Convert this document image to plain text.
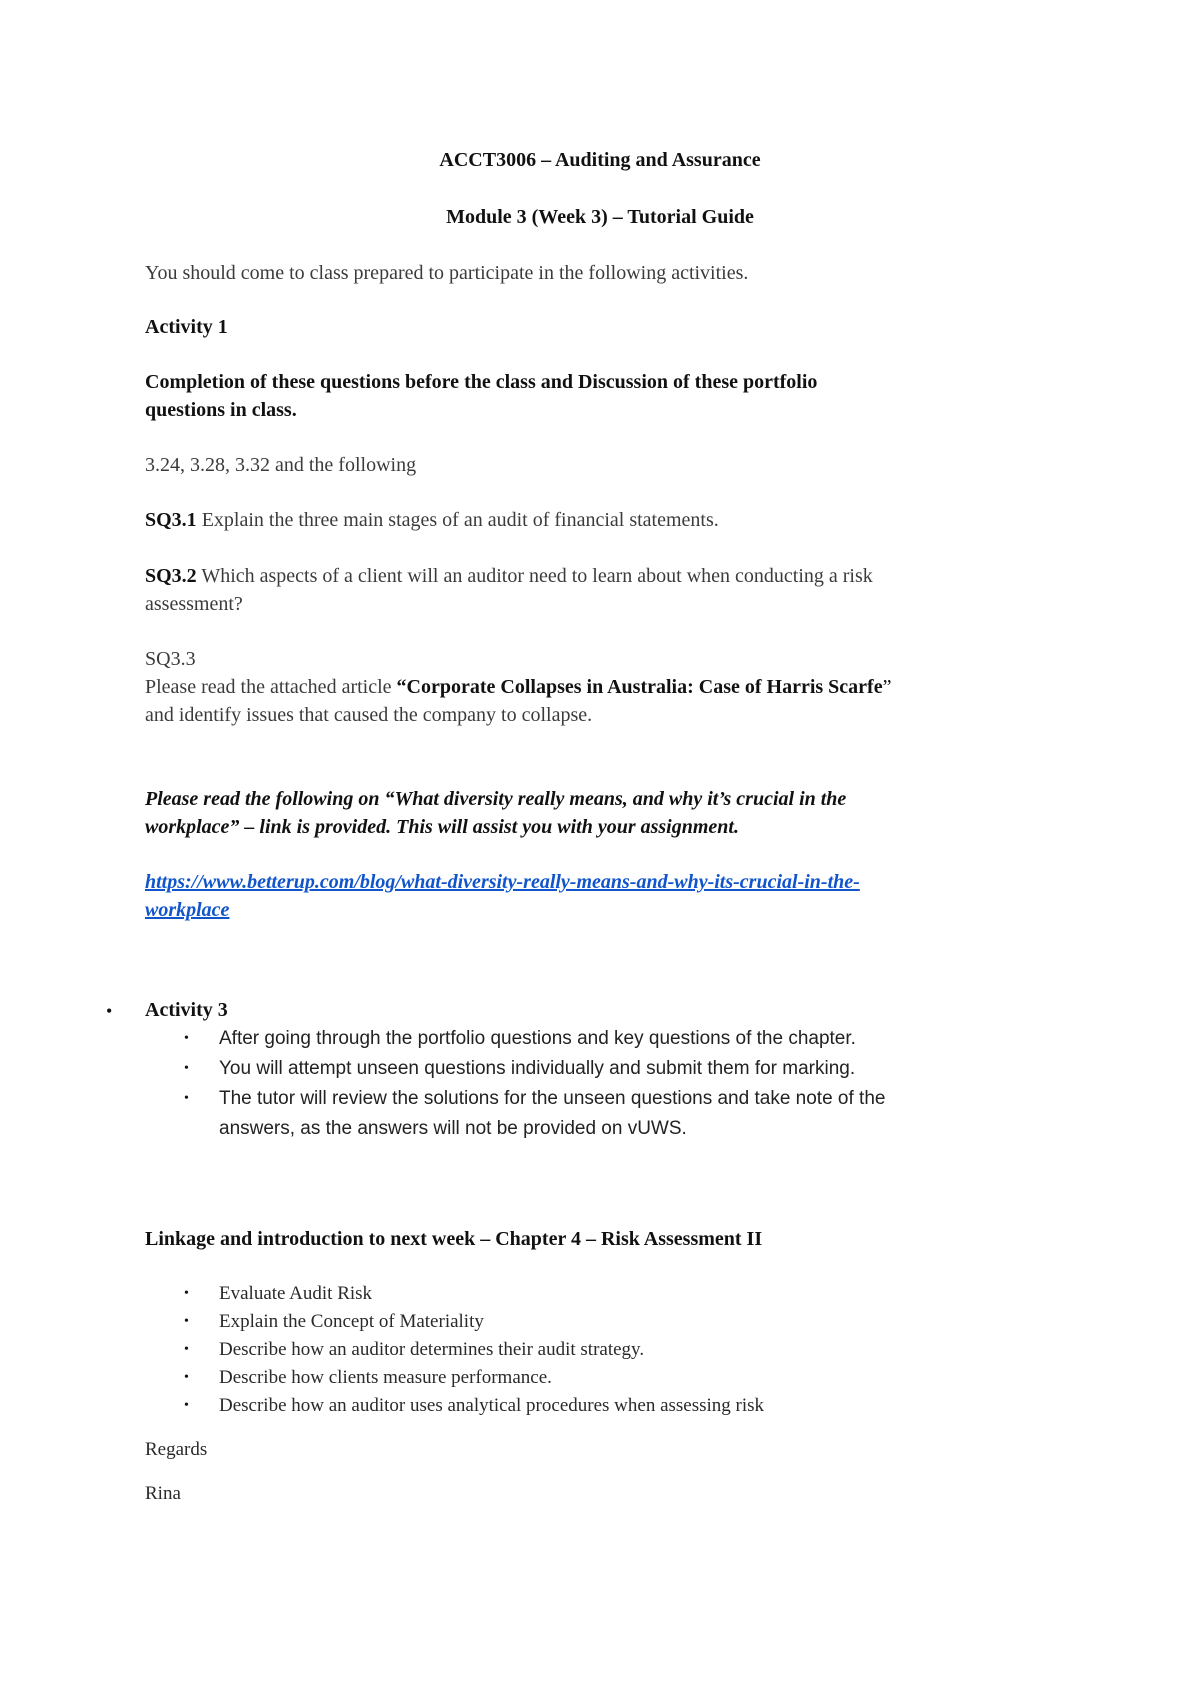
ACCT3006 – Auditing and Assurance

Module 3 (Week 3) – Tutorial Guide

You should come to class prepared to participate in the following activities.

Activity 1

Completion of these questions before the class and Discussion of these portfolio

questions in class.

3.24, 3.28, 3.32 and the following

SQ3.1 Explain the three main stages of an audit of financial statements.

SQ3.2 Which aspects of a client will an auditor need to learn about when conducting a risk

assessment?

SQ3.3

Please read the attached article “Corporate Collapses in Australia: Case of Harris Scarfe”

and identify issues that caused the company to collapse.

Please read the following on “What diversity really means, and why it’s crucial in the

workplace” – link is provided. This will assist you with your assignment.

https://www.betterup.com/blog/what-diversity-really-means-and-why-its-crucial-in-the-

workplace

• Activity 3

• After going through the portfolio questions and key questions of the chapter.

• You will attempt unseen questions individually and submit them for marking.

• The tutor will review the solutions for the unseen questions and take note of the

answers, as the answers will not be provided on vUWS.

Linkage and introduction to next week – Chapter 4 – Risk Assessment II

• Evaluate Audit Risk

• Explain the Concept of Materiality

• Describe how an auditor determines their audit strategy.

• Describe how clients measure performance.

• Describe how an auditor uses analytical procedures when assessing risk

Regards

Rina
